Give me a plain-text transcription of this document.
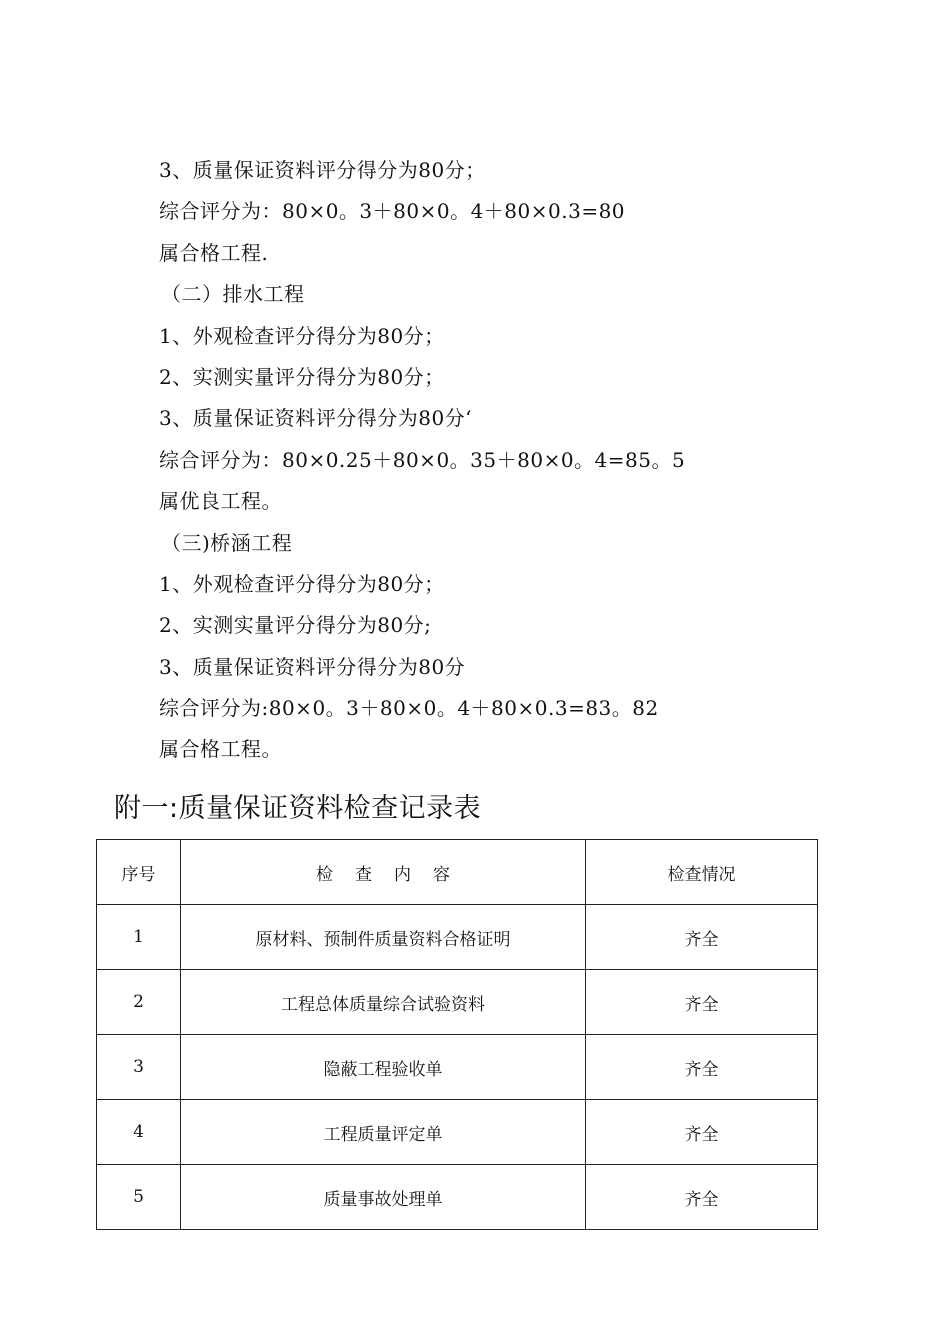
3、质量保证资料评分得分为80分；
综合评分为：80×0。3＋80×0。4＋80×0.3=80
属合格工程.
（二）排水工程
1、外观检查评分得分为80分；
2、实测实量评分得分为80分；
3、质量保证资料评分得分为80分‘
综合评分为：80×0.25＋80×0。35＋80×0。4=85。5
属优良工程。
（三)桥涵工程
1、外观检查评分得分为80分；
2、实测实量评分得分为80分;
3、质量保证资料评分得分为80分
综合评分为:80×0。3＋80×0。4＋80×0.3=83。82
属合格工程。
附一:质量保证资料检查记录表
序号	检查内容	检查情况
1	原材料、预制件质量资料合格证明	齐全
2	工程总体质量综合试验资料	齐全
3	隐蔽工程验收单	齐全
4	工程质量评定单	齐全
5	质量事故处理单	齐全
